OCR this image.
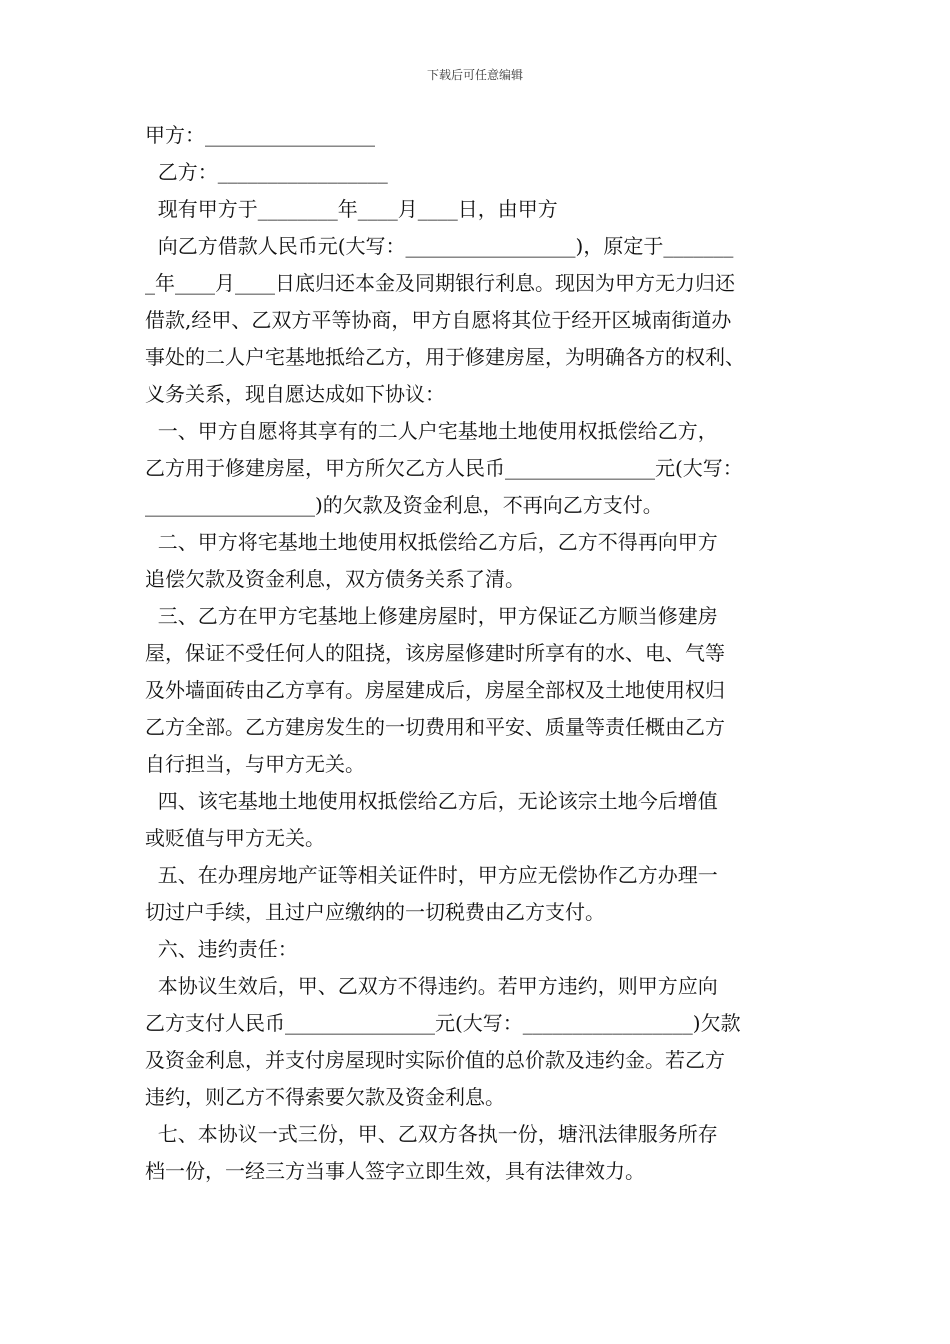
下载后可任意编辑
甲方：_________________
乙方：_________________
现有甲方于________年____月____日，由甲方
向乙方借款人民币元(大写：_________________)，原定于_______
_年____月____日底归还本金及同期银行利息。现因为甲方无力归还
借款,经甲、乙双方平等协商，甲方自愿将其位于经开区城南街道办
事处的二人户宅基地抵给乙方，用于修建房屋，为明确各方的权利、
义务关系，现自愿达成如下协议：
一、甲方自愿将其享有的二人户宅基地土地使用权抵偿给乙方，
乙方用于修建房屋，甲方所欠乙方人民币_______________元(大写：
_________________)的欠款及资金利息，不再向乙方支付。
二、甲方将宅基地土地使用权抵偿给乙方后，乙方不得再向甲方
追偿欠款及资金利息，双方债务关系了清。
三、乙方在甲方宅基地上修建房屋时，甲方保证乙方顺当修建房
屋，保证不受任何人的阻挠，该房屋修建时所享有的水、电、气等
及外墙面砖由乙方享有。房屋建成后，房屋全部权及土地使用权归
乙方全部。乙方建房发生的一切费用和平安、质量等责任概由乙方
自行担当，与甲方无关。
四、该宅基地土地使用权抵偿给乙方后，无论该宗土地今后增值
或贬值与甲方无关。
五、在办理房地产证等相关证件时，甲方应无偿协作乙方办理一
切过户手续，且过户应缴纳的一切税费由乙方支付。
六、违约责任：
本协议生效后，甲、乙双方不得违约。若甲方违约，则甲方应向
乙方支付人民币_______________元(大写：_________________)欠款
及资金利息，并支付房屋现时实际价值的总价款及违约金。若乙方
违约，则乙方不得索要欠款及资金利息。
七、本协议一式三份，甲、乙双方各执一份，塘汛法律服务所存
档一份，一经三方当事人签字立即生效，具有法律效力。
